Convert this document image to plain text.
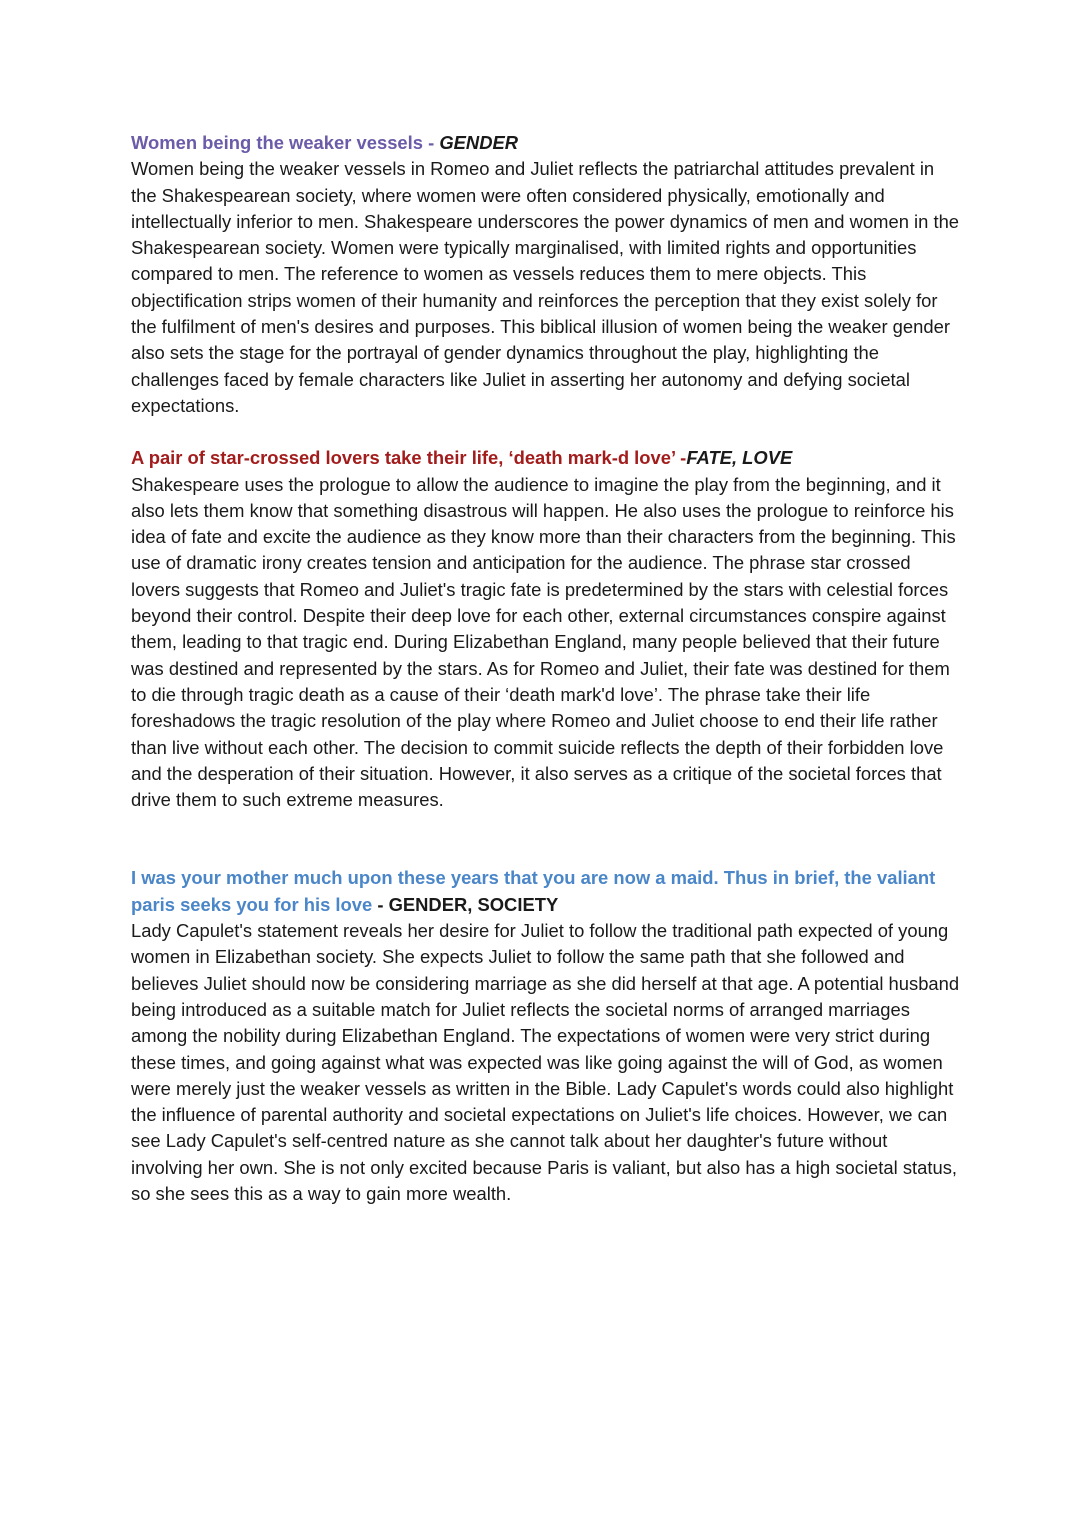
Women being the weaker vessels - GENDER

Women being the weaker vessels in Romeo and Juliet reflects the patriarchal attitudes prevalent in the Shakespearean society, where women were often considered physically, emotionally and intellectually inferior to men. Shakespeare underscores the power dynamics of men and women in the Shakespearean society. Women were typically marginalised, with limited rights and opportunities compared to men. The reference to women as vessels reduces them to mere objects. This objectification strips women of their humanity and reinforces the perception that they exist solely for the fulfilment of men's desires and purposes. This biblical illusion of women being the weaker gender also sets the stage for the portrayal of gender dynamics throughout the play, highlighting the challenges faced by female characters like Juliet in asserting her autonomy and defying societal expectations.

A pair of star-crossed lovers take their life, ‘death mark-d love’ -FATE, LOVE

Shakespeare uses the prologue to allow the audience to imagine the play from the beginning, and it also lets them know that something disastrous will happen. He also uses the prologue to reinforce his idea of fate and excite the audience as they know more than their characters from the beginning. This use of dramatic irony creates tension and anticipation for the audience. The phrase star crossed lovers suggests that Romeo and Juliet's tragic fate is predetermined by the stars with celestial forces beyond their control. Despite their deep love for each other, external circumstances conspire against them, leading to that tragic end. During Elizabethan England, many people believed that their future was destined and represented by the stars. As for Romeo and Juliet, their fate was destined for them to die through tragic death as a cause of their ‘death mark'd love’. The phrase take their life foreshadows the tragic resolution of the play where Romeo and Juliet choose to end their life rather than live without each other. The decision to commit suicide reflects the depth of their forbidden love and the desperation of their situation. However, it also serves as a critique of the societal forces that drive them to such extreme measures.

I was your mother much upon these years that you are now a maid. Thus in brief, the valiant paris seeks you for his love - GENDER, SOCIETY

Lady Capulet's statement reveals her desire for Juliet to follow the traditional path expected of young women in Elizabethan society. She expects Juliet to follow the same path that she followed and believes Juliet should now be considering marriage as she did herself at that age. A potential husband being introduced as a suitable match for Juliet reflects the societal norms of arranged marriages among the nobility during Elizabethan England. The expectations of women were very strict during these times, and going against what was expected was like going against the will of God, as women were merely just the weaker vessels as written in the Bible. Lady Capulet's words could also highlight the influence of parental authority and societal expectations on Juliet's life choices. However, we can see Lady Capulet's self-centred nature as she cannot talk about her daughter's future without involving her own. She is not only excited because Paris is valiant, but also has a high societal status, so she sees this as a way to gain more wealth.
